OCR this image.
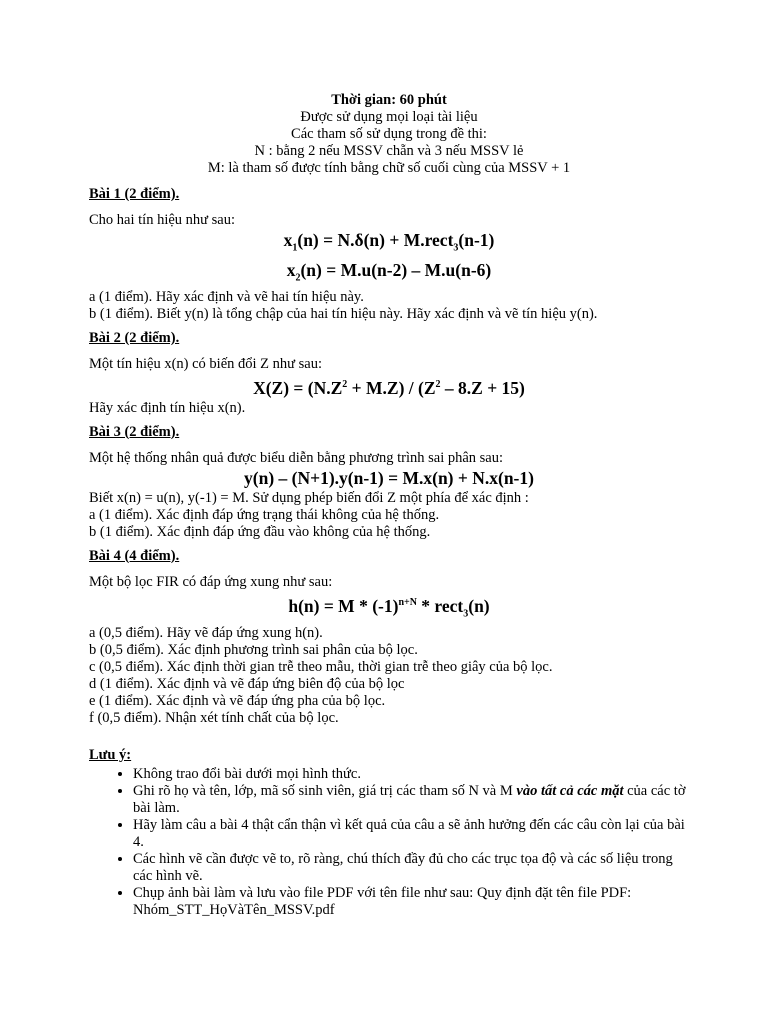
Thời gian: 60 phút
Được sử dụng mọi loại tài liệu
Các tham số sử dụng trong đề thi:
N : bằng 2 nếu MSSV chẵn và 3 nếu MSSV lẻ
M: là tham số được tính bằng chữ số cuối cùng của MSSV + 1
Bài 1 (2 điểm).
Cho hai tín hiệu như sau:
$x_1(n) = N.\delta(n)$ + M.rect$_3$(n-1)
$x_2(n) = M.u(n-2) - M.u(n-6)$
a (1 điểm). Hãy xác định và vẽ hai tín hiệu này.
b (1 điểm). Biết y(n) là tổng chập của hai tín hiệu này. Hãy xác định và vẽ tín hiệu y(n).
Bài 2 (2 điểm).
Một tín hiệu x(n) có biến đổi Z như sau:
$X(Z) = (N.Z^2 + M.Z) / (Z^2 - 8.Z + 15)$
Hãy xác định tín hiệu x(n).
Bài 3 (2 điểm).
Một hệ thống nhân quả được biểu diễn bằng phương trình sai phân sau:
y(n) – (N+1).y(n-1) = M.x(n) + N.x(n-1)
Biết x(n) = u(n), y(-1) = M. Sử dụng phép biến đổi Z một phía để xác định :
a (1 điểm). Xác định đáp ứng trạng thái không của hệ thống.
b (1 điểm). Xác định đáp ứng đầu vào không của hệ thống.
Bài 4 (4 điểm).
Một bộ lọc FIR có đáp ứng xung như sau:
$h(n) = M * (-1)^{n+N}$ * rect$_3$(n)
a (0,5 điểm). Hãy vẽ đáp ứng xung h(n).
b (0,5 điểm). Xác định phương trình sai phân của bộ lọc.
c (0,5 điểm). Xác định thời gian trễ theo mẫu, thời gian trễ theo giây của bộ lọc.
d (1 điểm). Xác định và vẽ đáp ứng biên độ của bộ lọc
e (1 điểm). Xác định và vẽ đáp ứng pha của bộ lọc.
f (0,5 điểm). Nhận xét tính chất của bộ lọc.
Lưu ý:
• Không trao đổi bài dưới mọi hình thức.
• Ghi rõ họ và tên, lớp, mã số sinh viên, giá trị các tham số N và M vào tất cả các mặt của các tờ bài làm.
• Hãy làm câu a bài 4 thật cẩn thận vì kết quả của câu a sẽ ảnh hưởng đến các câu còn lại của bài 4.
• Các hình vẽ cần được vẽ to, rõ ràng, chú thích đầy đủ cho các trục tọa độ và các số liệu trong các hình vẽ.
• Chụp ảnh bài làm và lưu vào file PDF với tên file như sau: Quy định đặt tên file PDF: Nhóm_STT_HọVàTên_MSSV.pdf
